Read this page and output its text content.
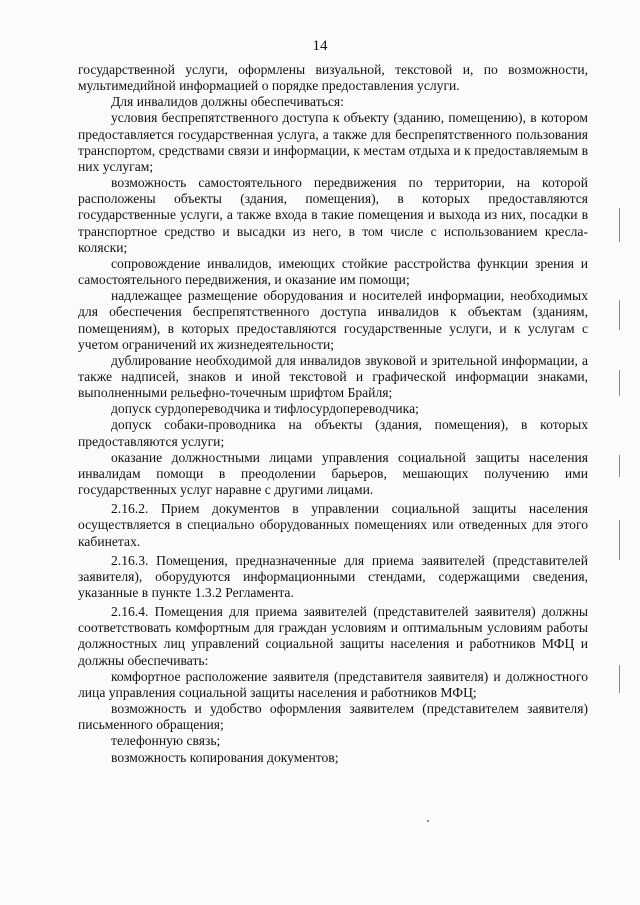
14

государственной услуги, оформлены визуальной, текстовой и, по возможности, мультимедийной информацией о порядке предоставления услуги.

Для инвалидов должны обеспечиваться:

условия беспрепятственного доступа к объекту (зданию, помещению), в котором предоставляется государственная услуга, а также для беспрепятственного пользования транспортом, средствами связи и информации, к местам отдыха и к предоставляемым в них услугам;

возможность самостоятельного передвижения по территории, на которой расположены объекты (здания, помещения), в которых предоставляются государственные услуги, а также входа в такие помещения и выхода из них, посадки в транспортное средство и высадки из него, в том числе с использованием кресла-коляски;

сопровождение инвалидов, имеющих стойкие расстройства функции зрения и самостоятельного передвижения, и оказание им помощи;

надлежащее размещение оборудования и носителей информации, необходимых для обеспечения беспрепятственного доступа инвалидов к объектам (зданиям, помещениям), в которых предоставляются государственные услуги, и к услугам с учетом ограничений их жизнедеятельности;

дублирование необходимой для инвалидов звуковой и зрительной информации, а также надписей, знаков и иной текстовой и графической информации знаками, выполненными рельефно-точечным шрифтом Брайля;

допуск сурдопереводчика и тифлосурдопереводчика;

допуск собаки-проводника на объекты (здания, помещения), в которых предоставляются услуги;

оказание должностными лицами управления социальной защиты населения инвалидам помощи в преодолении барьеров, мешающих получению ими государственных услуг наравне с другими лицами.

2.16.2. Прием документов в управлении социальной защиты населения осуществляется в специально оборудованных помещениях или отведенных для этого кабинетах.

2.16.3. Помещения, предназначенные для приема заявителей (представителей заявителя), оборудуются информационными стендами, содержащими сведения, указанные в пункте 1.3.2 Регламента.

2.16.4. Помещения для приема заявителей (представителей заявителя) должны соответствовать комфортным для граждан условиям и оптимальным условиям работы должностных лиц управлений социальной защиты населения и работников МФЦ и должны обеспечивать:

комфортное расположение заявителя (представителя заявителя) и должностного лица управления социальной защиты населения и работников МФЦ;

возможность и удобство оформления заявителем (представителем заявителя) письменного обращения;

телефонную связь;

возможность копирования документов;
